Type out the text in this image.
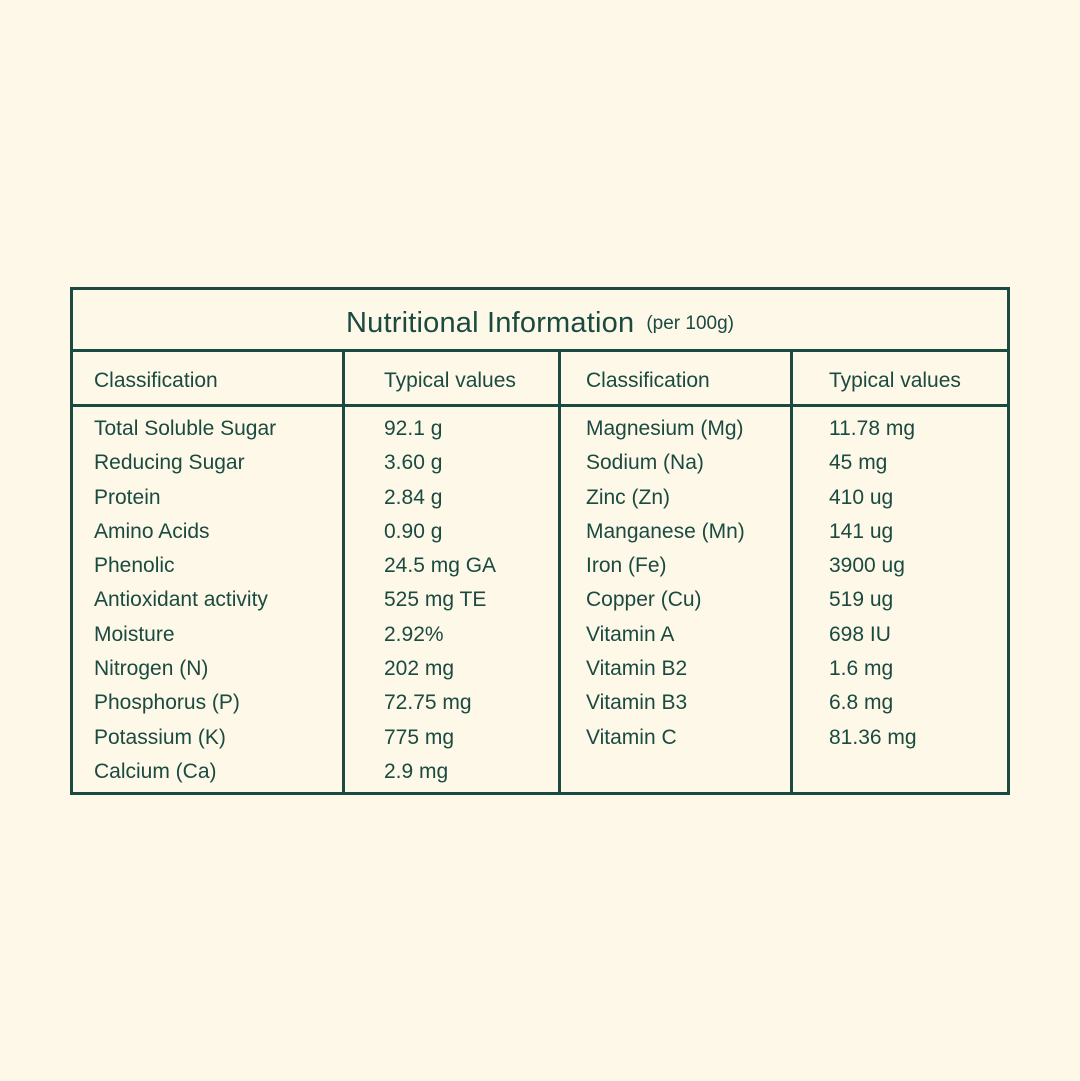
Nutritional Information (per 100g)
Classification	Typical values	Classification	Typical values
Total Soluble Sugar	92.1 g	Magnesium (Mg)	11.78 mg
Reducing Sugar	3.60 g	Sodium (Na)	45 mg
Protein	2.84 g	Zinc (Zn)	410 ug
Amino Acids	0.90 g	Manganese (Mn)	141 ug
Phenolic	24.5 mg GA	Iron (Fe)	3900 ug
Antioxidant activity	525 mg TE	Copper (Cu)	519 ug
Moisture	2.92%	Vitamin A	698 IU
Nitrogen (N)	202 mg	Vitamin B2	1.6 mg
Phosphorus (P)	72.75 mg	Vitamin B3	6.8 mg
Potassium (K)	775 mg	Vitamin C	81.36 mg
Calcium (Ca)	2.9 mg
